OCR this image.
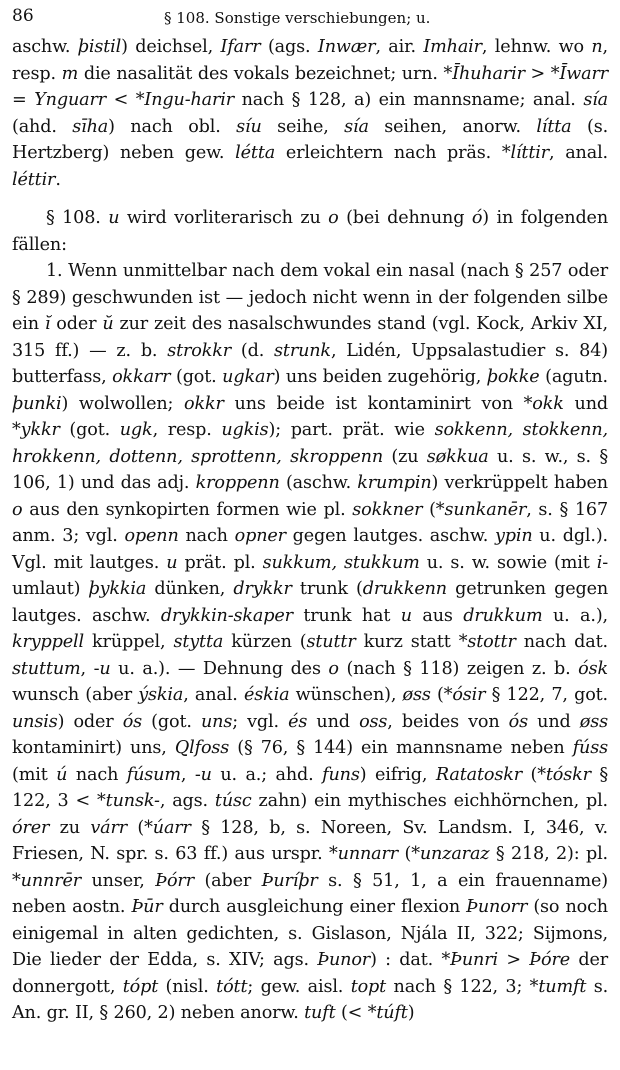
86	§ 108. Sonstige verschiebungen; u.

aschw. þistil) deichsel, Ifarr (ags. Inwær, air. Imhair, lehnw. wo n, resp. m die nasalität des vokals bezeichnet; urn. *Īhuharir > *Īwarr = Ynguarr < *Ingu-harir nach § 128, a) ein mannsname; anal. sía (ahd. sīha) nach obl. síu seihe, sía seihen, anorw. lítta (s. Hertzberg) neben gew. létta erleichtern nach präs. *líttir, anal. léttir.

§ 108. u wird vorliterarisch zu o (bei dehnung ó) in folgenden fällen:

1. Wenn unmittelbar nach dem vokal ein nasal (nach § 257 oder § 289) geschwunden ist — jedoch nicht wenn in der folgenden silbe ein ĭ oder ŭ zur zeit des nasalschwundes stand (vgl. Kock, Arkiv XI, 315 ff.) — z. b. strokkr (d. strunk, Lidén, Uppsalastudier s. 84) butterfass, okkarr (got. ugkar) uns beiden zugehörig, þokke (agutn. þunki) wolwollen; okkr uns beide ist kontaminirt von *okk und *ykkr (got. ugk, resp. ugkis); part. prät. wie sokkenn, stokkenn, hrokkenn, dottenn, sprottenn, skroppenn (zu søkkua u. s. w., s. § 106, 1) und das adj. kroppenn (aschw. krumpin) verkrüppelt haben o aus den synkopirten formen wie pl. sokkner (*sunkanēr, s. § 167 anm. 3; vgl. openn nach opner gegen lautges. aschw. ypin u. dgl.). Vgl. mit lautges. u prät. pl. sukkum, stukkum u. s. w. sowie (mit i-umlaut) þykkia dünken, drykkr trunk (drukkenn getrunken gegen lautges. aschw. drykkin-skaper trunk hat u aus drukkum u. a.), kryppell krüppel, stytta kürzen (stuttr kurz statt *stottr nach dat. stuttum, -u u. a.). — Dehnung des o (nach § 118) zeigen z. b. ósk wunsch (aber ýskia, anal. éskia wünschen), øss (*ósir § 122, 7, got. unsis) oder ós (got. uns; vgl. és und oss, beides von ós und øss kontaminirt) uns, Qlfoss (§ 76, § 144) ein mannsname neben fúss (mit ú nach fúsum, -u u. a.; ahd. funs) eifrig, Ratatoskr (*tóskr § 122, 3 < *tunsk-, ags. túsc zahn) ein mythisches eichhörnchen, pl. órer zu várr (*úarr § 128, b, s. Noreen, Sv. Landsm. I, 346, v. Friesen, N. spr. s. 63 ff.) aus urspr. *unnarr (*unzaraz § 218, 2): pl. *unnrēr unser, Þórr (aber Þuríþr s. § 51, 1, a ein frauenname) neben aostn. Þūr durch ausgleichung einer flexion Þunorr (so noch einigemal in alten gedichten, s. Gislason, Njála II, 322; Sijmons, Die lieder der Edda, s. XIV; ags. Þunor) : dat. *Þunri > Þóre der donnergott, tópt (nisl. tótt; gew. aisl. topt nach § 122, 3; *tumft s. An. gr. II, § 260, 2) neben anorw. tuft (< *túft)
